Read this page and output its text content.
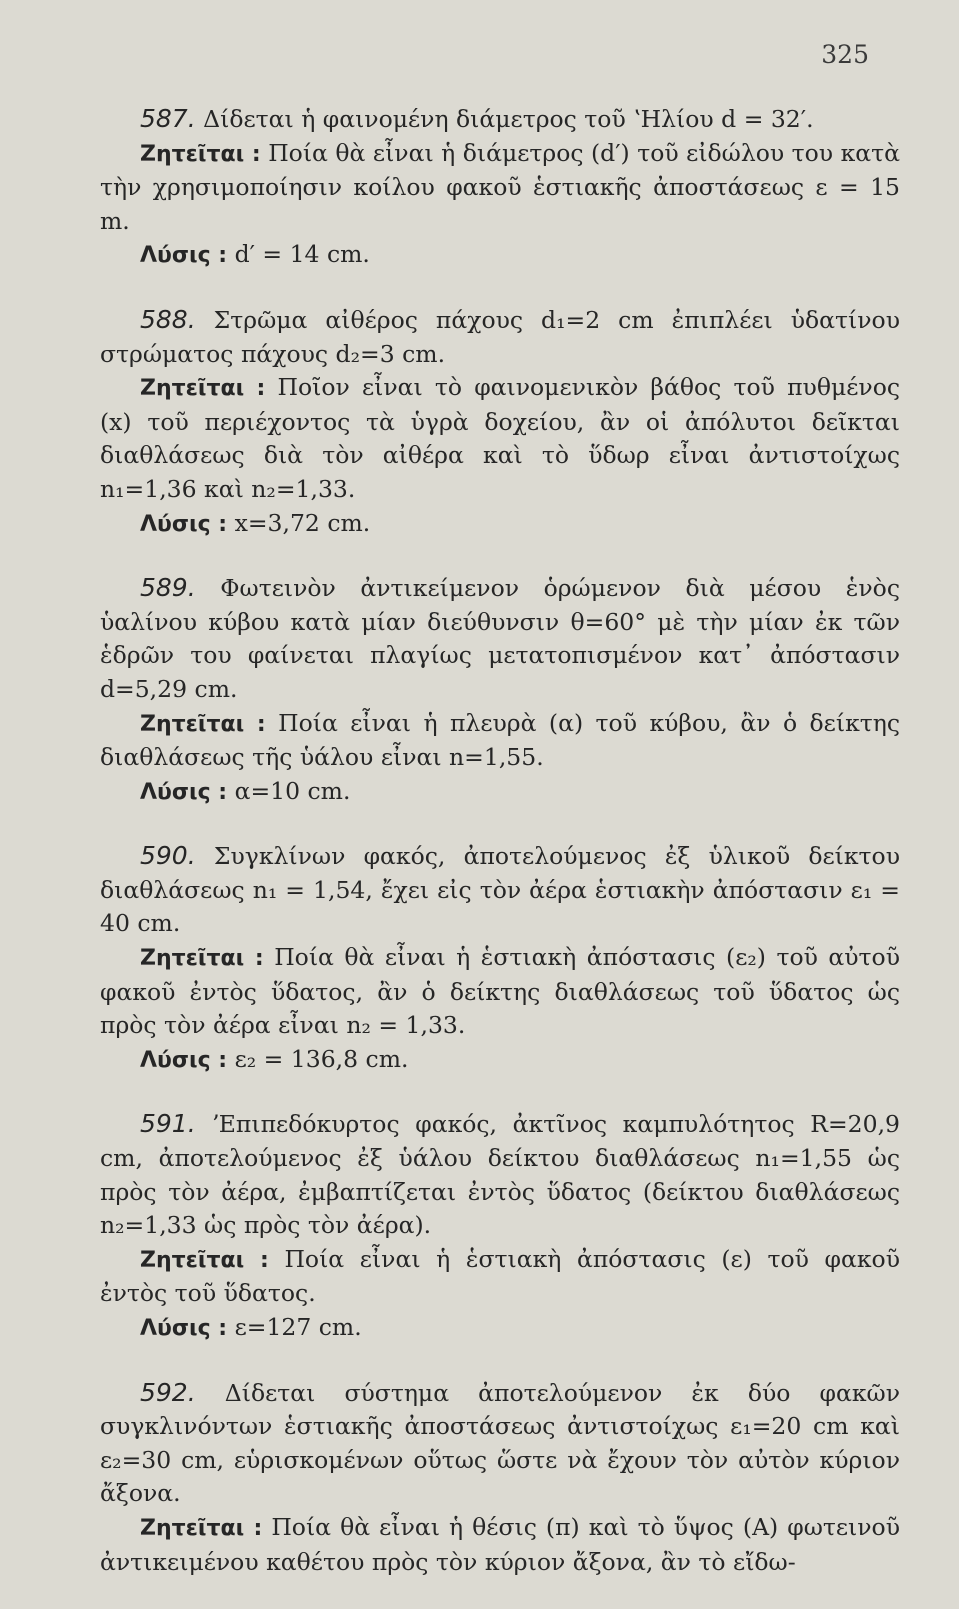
325

587. Δίδεται ἡ φαινομένη διάμετρος τοῦ ʽΗλίου d = 32′.

Ζητεῖται : Ποία θὰ εἶναι ἡ διάμετρος (d′) τοῦ εἰδώλου του κατὰ τὴν χρησιμοποίησιν κοίλου φακοῦ ἑστιακῆς ἀποστάσεως ε = 15 m.

Λύσις : d′ = 14 cm.

588. Στρῶμα αἰθέρος πάχους d₁=2 cm ἐπιπλέει ὑδατίνου στρώματος πάχους d₂=3 cm.

Ζητεῖται : Ποῖον εἶναι τὸ φαινομενικὸν βάθος τοῦ πυθμένος (x) τοῦ περιέχοντος τὰ ὑγρὰ δοχείου, ἂν οἱ ἀπόλυτοι δεῖκται διαθλάσεως διὰ τὸν αἰθέρα καὶ τὸ ὕδωρ εἶναι ἀντιστοίχως n₁=1,36 καὶ n₂=1,33.

Λύσις : x=3,72 cm.

589. Φωτεινὸν ἀντικείμενον ὁρώμενον διὰ μέσου ἑνὸς ὑαλίνου κύβου κατὰ μίαν διεύθυνσιν θ=60° μὲ τὴν μίαν ἐκ τῶν ἑδρῶν του φαίνεται πλαγίως μετατοπισμένον κατ᾽ ἀπόστασιν d=5,29 cm.

Ζητεῖται : Ποία εἶναι ἡ πλευρὰ (α) τοῦ κύβου, ἂν ὁ δείκτης διαθλάσεως τῆς ὑάλου εἶναι n=1,55.

Λύσις : α=10 cm.

590. Συγκλίνων φακός, ἀποτελούμενος ἐξ ὑλικοῦ δείκτου διαθλάσεως n₁ = 1,54, ἔχει εἰς τὸν ἀέρα ἑστιακὴν ἀπόστασιν ε₁ = 40 cm.

Ζητεῖται : Ποία θὰ εἶναι ἡ ἑστιακὴ ἀπόστασις (ε₂) τοῦ αὐτοῦ φακοῦ ἐντὸς ὕδατος, ἂν ὁ δείκτης διαθλάσεως τοῦ ὕδατος ὡς πρὸς τὸν ἀέρα εἶναι n₂ = 1,33.

Λύσις : ε₂ = 136,8 cm.

591. ʼΕπιπεδόκυρτος φακός, ἀκτῖνος καμπυλότητος R=20,9 cm, ἀποτελούμενος ἐξ ὑάλου δείκτου διαθλάσεως n₁=1,55 ὡς πρὸς τὸν ἀέρα, ἐμβαπτίζεται ἐντὸς ὕδατος (δείκτου διαθλάσεως n₂=1,33 ὡς πρὸς τὸν ἀέρα).

Ζητεῖται : Ποία εἶναι ἡ ἑστιακὴ ἀπόστασις (ε) τοῦ φακοῦ ἐντὸς τοῦ ὕδατος.

Λύσις : ε=127 cm.

592. Δίδεται σύστημα ἀποτελούμενον ἐκ δύο φακῶν συγκλινόντων ἑστιακῆς ἀποστάσεως ἀντιστοίχως ε₁=20 cm καὶ ε₂=30 cm, εὑρισκομένων οὕτως ὥστε νὰ ἔχουν τὸν αὐτὸν κύριον ἄξονα.

Ζητεῖται : Ποία θὰ εἶναι ἡ θέσις (π) καὶ τὸ ὕψος (Α) φωτεινοῦ ἀντικειμένου καθέτου πρὸς τὸν κύριον ἄξονα, ἂν τὸ εἴδω-
